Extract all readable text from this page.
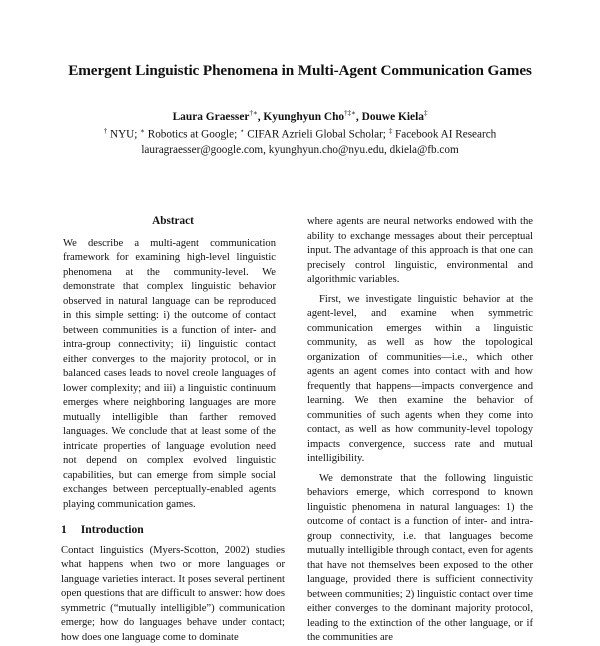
Emergent Linguistic Phenomena in Multi-Agent Communication Games
Laura Graesser†∗, Kyunghyun Cho†‡∗, Douwe Kiela‡
† NYU; ∗ Robotics at Google; ⋆ CIFAR Azrieli Global Scholar; ‡ Facebook AI Research
lauragraesser@google.com, kyunghyun.cho@nyu.edu, dkiela@fb.com
Abstract

We describe a multi-agent communication framework for examining high-level linguistic phenomena at the community-level. We demonstrate that complex linguistic behavior observed in natural language can be reproduced in this simple setting: i) the outcome of contact between communities is a function of inter- and intra-group connectivity; ii) linguistic contact either converges to the majority protocol, or in balanced cases leads to novel creole languages of lower complexity; and iii) a linguistic continuum emerges where neighboring languages are more mutually intelligible than farther removed languages. We conclude that at least some of the intricate properties of language evolution need not depend on complex evolved linguistic capabilities, but can emerge from simple social exchanges between perceptually-enabled agents playing communication games.

1 Introduction

Contact linguistics (Myers-Scotton, 2002) studies what happens when two or more languages or language varieties interact. It poses several pertinent open questions that are difficult to answer: how does symmetric (“mutually intelligible”) communication emerge; how do languages behave under contact; how does one language come to dominate

where agents are neural networks endowed with the ability to exchange messages about their perceptual input. The advantage of this approach is that one can precisely control linguistic, environmental and algorithmic variables.

First, we investigate linguistic behavior at the agent-level, and examine when symmetric communication emerges within a linguistic community, as well as how the topological organization of communities—i.e., which other agents an agent comes into contact with and how frequently that happens—impacts convergence and learning. We then examine the behavior of communities of such agents when they come into contact, as well as how community-level topology impacts convergence, success rate and mutual intelligibility.

We demonstrate that the following linguistic behaviors emerge, which correspond to known linguistic phenomena in natural languages: 1) the outcome of contact is a function of inter- and intra-group connectivity, i.e. that languages become mutually intelligible through contact, even for agents that have not themselves been exposed to the other language, provided there is sufficient connectivity between communities; 2) linguistic contact over time either converges to the dominant majority protocol, leading to the extinction of the other language, or if the communities are
